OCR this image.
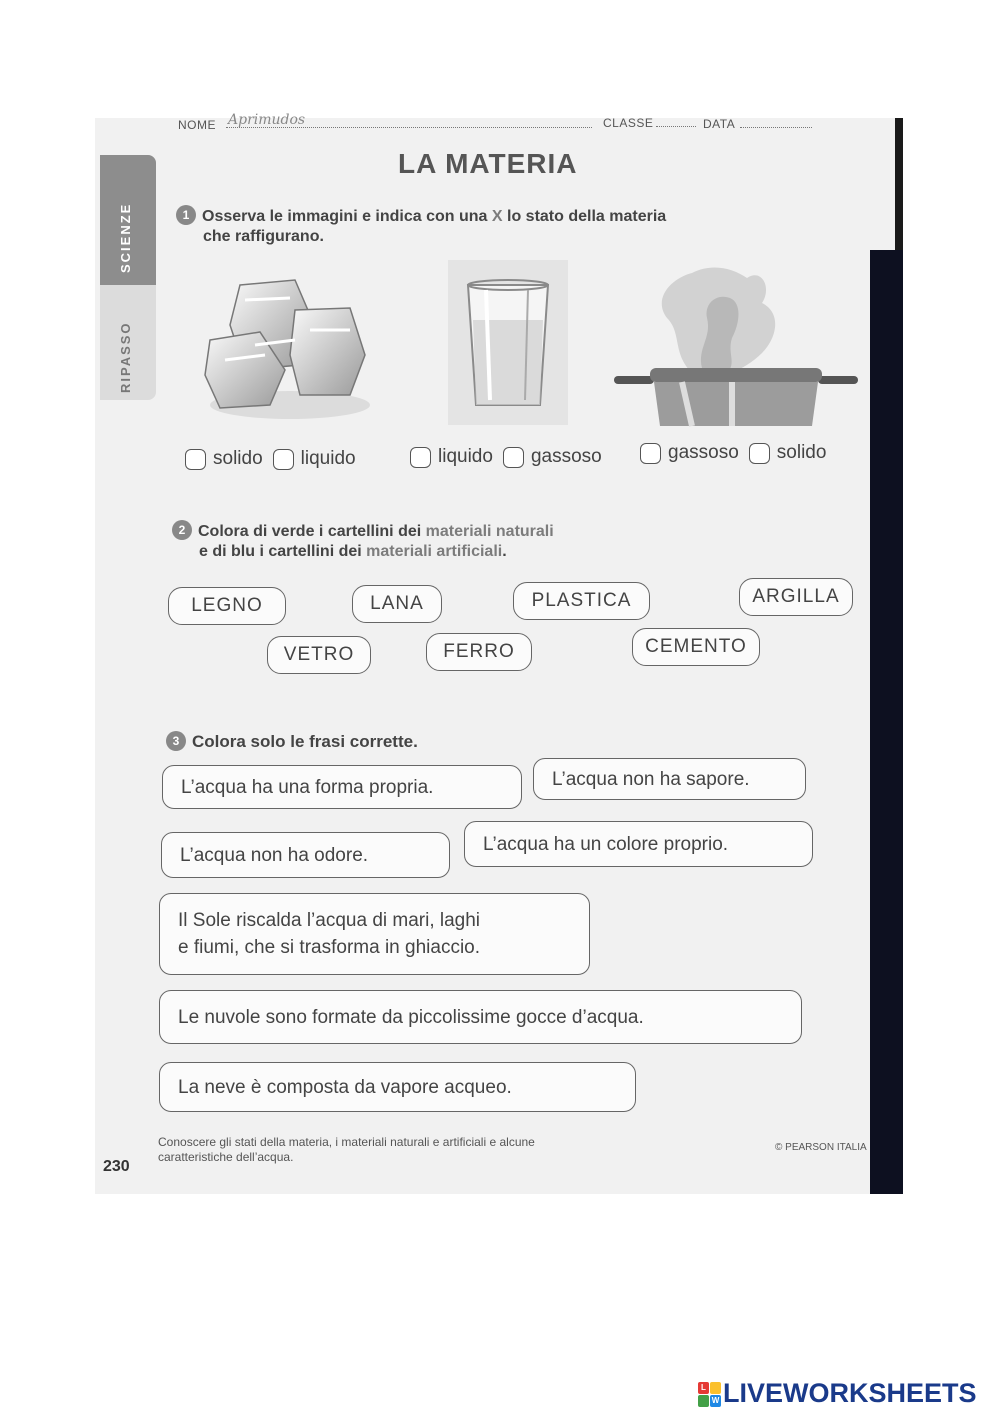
NOME Aprimudos	CLASSE	DATA
SCIENZE
RIPASSO
LA MATERIA
1 Osserva le immagini e indica con una X lo stato della materia
che raffigurano.
solido liquido	liquido gassoso	gassoso solido
2 Colora di verde i cartellini dei materiali naturali
e di blu i cartellini dei materiali artificiali.
LEGNO	LANA	PLASTICA	ARGILLA
VETRO	FERRO	CEMENTO
3 Colora solo le frasi corrette.
L’acqua ha una forma propria.	L’acqua non ha sapore.
L’acqua non ha odore.
L’acqua ha un colore proprio.
Il Sole riscalda l’acqua di mari, laghi
e fiumi, che si trasforma in ghiaccio.
Le nuvole sono formate da piccolissime gocce d’acqua.
La neve è composta da vapore acqueo.
230
Conoscere gli stati della materia, i materiali naturali e artificiali e alcune
caratteristiche dell’acqua.
© PEARSON ITALIA
L
W LIVEWORKSHEETS
